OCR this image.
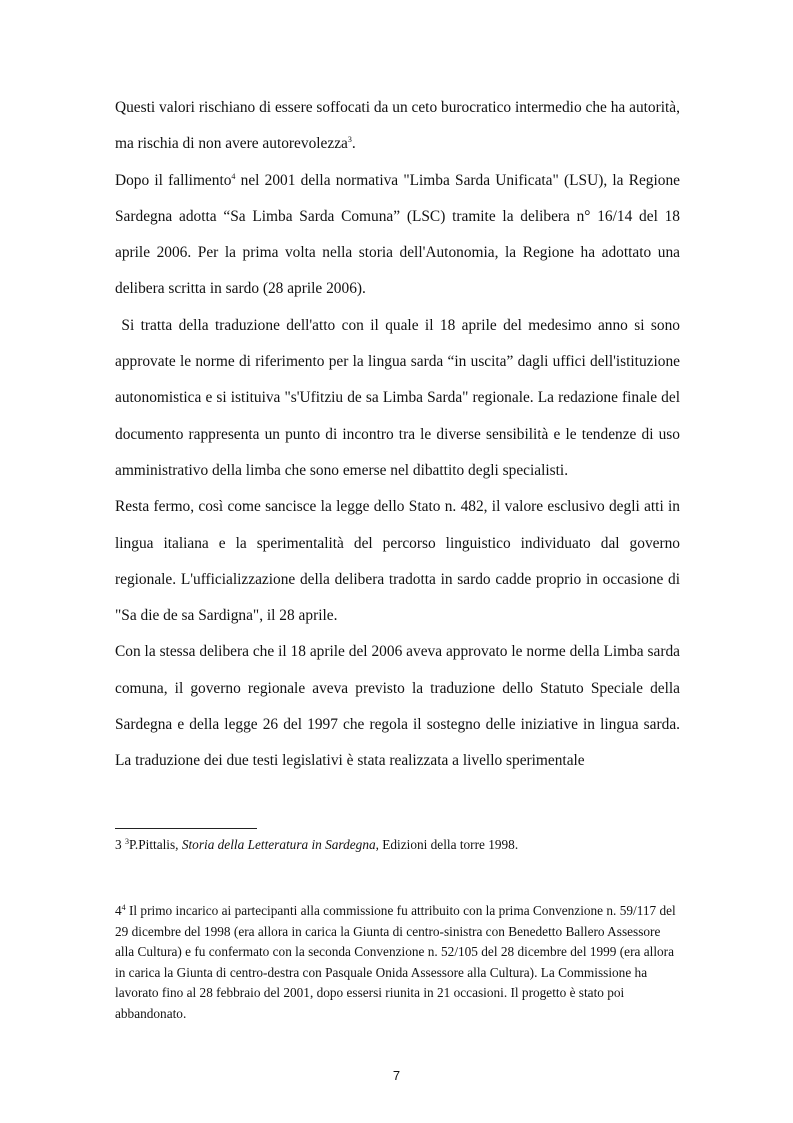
Questi valori rischiano di essere soffocati da un ceto burocratico intermedio che ha autorità, ma rischia di non avere autorevolezza$^3$.

Dopo il fallimento$^4$ nel 2001 della normativa "Limba Sarda Unificata" (LSU), la Regione Sardegna adotta “Sa Limba Sarda Comuna” (LSC) tramite la delibera n° 16/14 del 18 aprile 2006. Per la prima volta nella storia dell'Autonomia, la Regione ha adottato una delibera scritta in sardo (28 aprile 2006).

Si tratta della traduzione dell'atto con il quale il 18 aprile del medesimo anno si sono approvate le norme di riferimento per la lingua sarda “in uscita” dagli uffici dell'istituzione autonomistica e si istituiva "s'Ufitziu de sa Limba Sarda" regionale. La redazione finale del documento rappresenta un punto di incontro tra le diverse sensibilità e le tendenze di uso amministrativo della limba che sono emerse nel dibattito degli specialisti.

Resta fermo, così come sancisce la legge dello Stato n. 482, il valore esclusivo degli atti in lingua italiana e la sperimentalità del percorso linguistico individuato dal governo regionale. L'ufficializzazione della delibera tradotta in sardo cadde proprio in occasione di "Sa die de sa Sardigna", il 28 aprile.

Con la stessa delibera che il 18 aprile del 2006 aveva approvato le norme della Limba sarda comuna, il governo regionale aveva previsto la traduzione dello Statuto Speciale della Sardegna e della legge 26 del 1997 che regola il sostegno delle iniziative in lingua sarda. La traduzione dei due testi legislativi è stata realizzata a livello sperimentale

3 $^3$P.Pittalis, Storia della Letteratura in Sardegna, Edizioni della torre 1998.
4$^4$ Il primo incarico ai partecipanti alla commissione fu attribuito con la prima Convenzione n. 59/117 del 29 dicembre del 1998 (era allora in carica la Giunta di centro-sinistra con Benedetto Ballero Assessore alla Cultura) e fu confermato con la seconda Convenzione n. 52/105 del 28 dicembre del 1999 (era allora in carica la Giunta di centro-destra con Pasquale Onida Assessore alla Cultura). La Commissione ha lavorato fino al 28 febbraio del 2001, dopo essersi riunita in 21 occasioni. Il progetto è stato poi abbandonato.
7
